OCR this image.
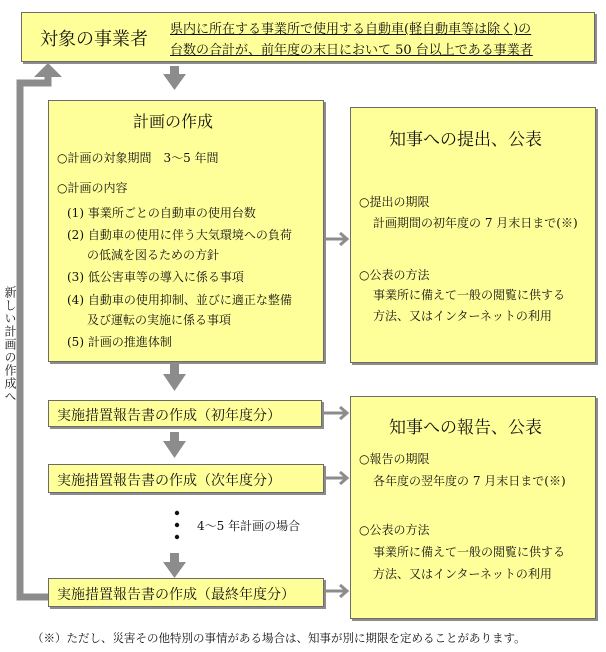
新しい計画の作成へ
対象の事業者 県内に所在する事業所で使用する自動車(軽自動車等は除く)の
台数の合計が、前年度の末日において 50 台以上である事業者
計画の作成
○計画の対象期間　3～5 年間
○計画の内容
(1) 事業所ごとの自動車の使用台数
(2) 自動車の使用に伴う大気環境への負荷
の低減を図るための方針
(3) 低公害車等の導入に係る事項
(4) 自動車の使用抑制、並びに適正な整備
及び運転の実施に係る事項
(5) 計画の推進体制
知事への提出、公表
○提出の期限
計画期間の初年度の 7 月末日まで(※)
○公表の方法
事業所に備えて一般の閲覧に供する
方法、又はインターネットの利用
実施措置報告書の作成（初年度分）
実施措置報告書の作成（次年度分）
4～5 年計画の場合
実施措置報告書の作成（最終年度分）
知事への報告、公表
○報告の期限
各年度の翌年度の 7 月末日まで(※)
○公表の方法
事業所に備えて一般の閲覧に供する
方法、又はインターネットの利用
（※）ただし、災害その他特別の事情がある場合は、知事が別に期限を定めることがあります。
